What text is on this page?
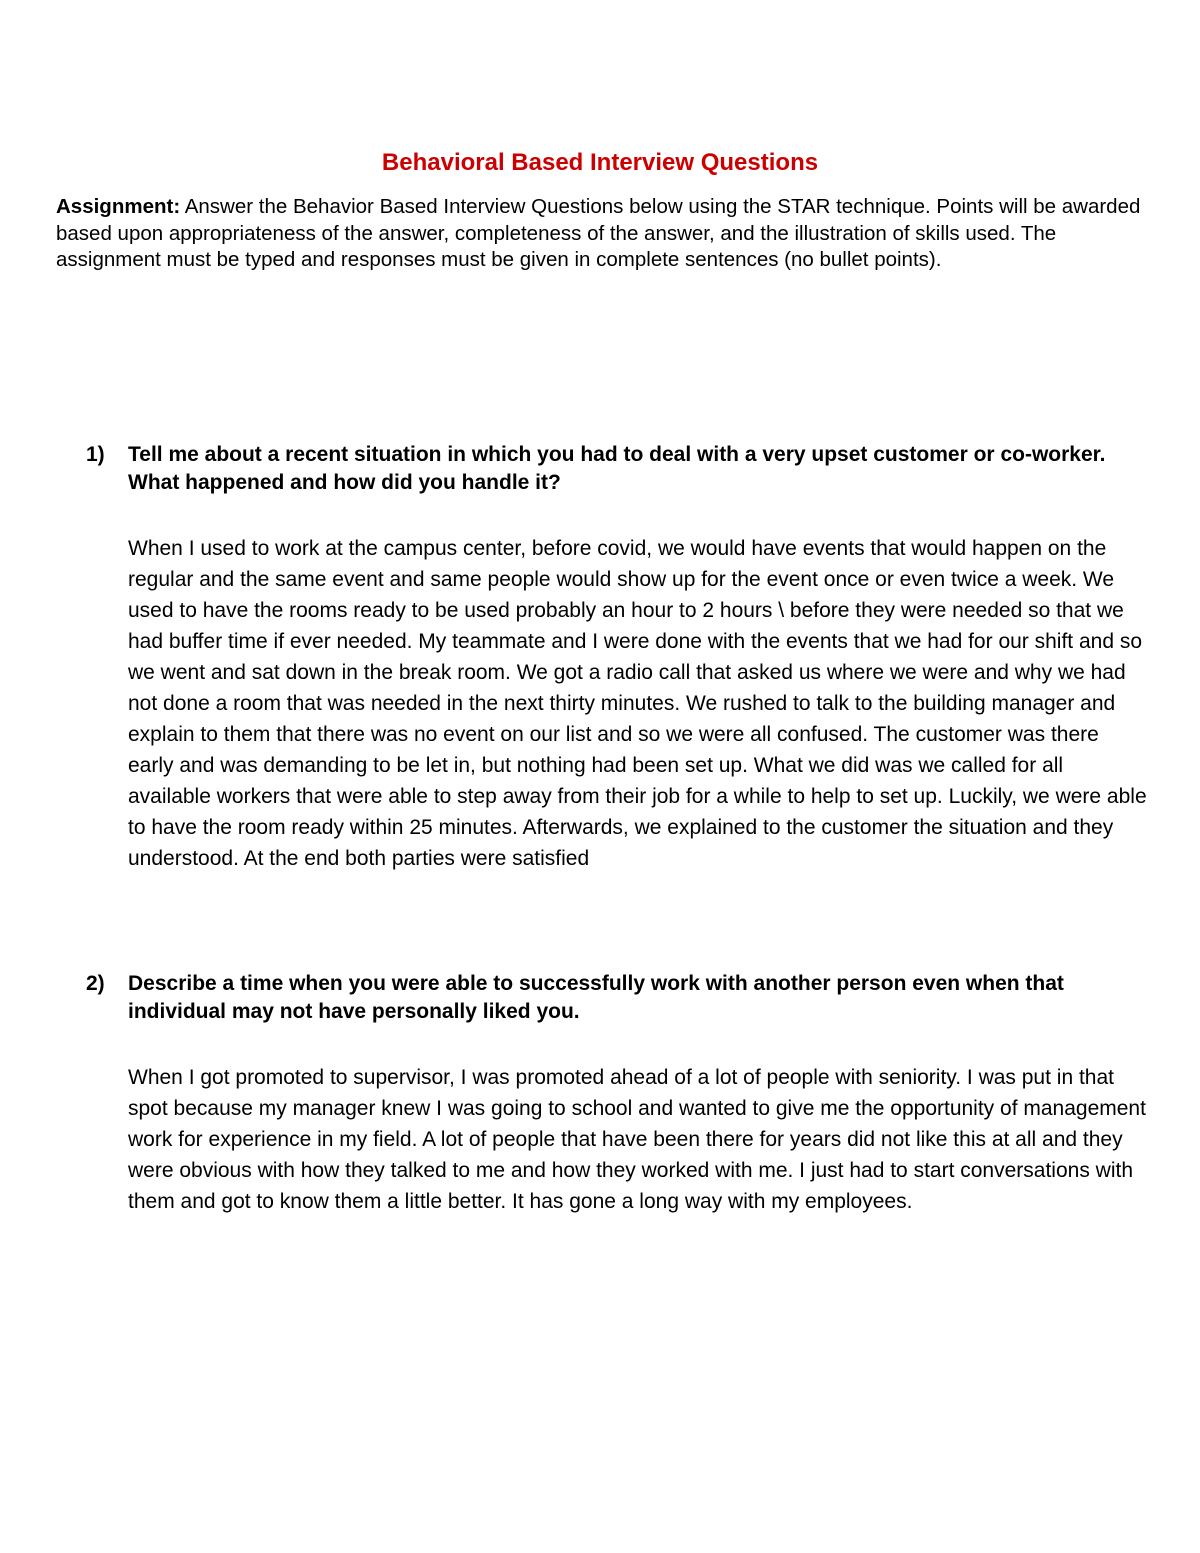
Behavioral Based Interview Questions

Assignment: Answer the Behavior Based Interview Questions below using the STAR technique. Points will be awarded based upon appropriateness of the answer, completeness of the answer, and the illustration of skills used. The assignment must be typed and responses must be given in complete sentences (no bullet points).

1)	Tell me about a recent situation in which you had to deal with a very upset customer or co-worker. What happened and how did you handle it?

When I used to work at the campus center, before covid, we would have events that would happen on the regular and the same event and same people would show up for the event once or even twice a week. We used to have the rooms ready to be used probably an hour to 2 hours \ before they were needed so that we had buffer time if ever needed. My teammate and I were done with the events that we had for our shift and so we went and sat down in the break room. We got a radio call that asked us where we were and why we had not done a room that was needed in the next thirty minutes. We rushed to talk to the building manager and explain to them that there was no event on our list and so we were all confused. The customer was there early and was demanding to be let in, but nothing had been set up. What we did was we called for all available workers that were able to step away from their job for a while to help to set up. Luckily, we were able to have the room ready within 25 minutes. Afterwards, we explained to the customer the situation and they understood. At the end both parties were satisfied

2)	Describe a time when you were able to successfully work with another person even when that individual may not have personally liked you.

When I got promoted to supervisor, I was promoted ahead of a lot of people with seniority. I was put in that spot because my manager knew I was going to school and wanted to give me the opportunity of management work for experience in my field. A lot of people that have been there for years did not like this at all and they were obvious with how they talked to me and how they worked with me. I just had to start conversations with them and got to know them a little better. It has gone a long way with my employees.
